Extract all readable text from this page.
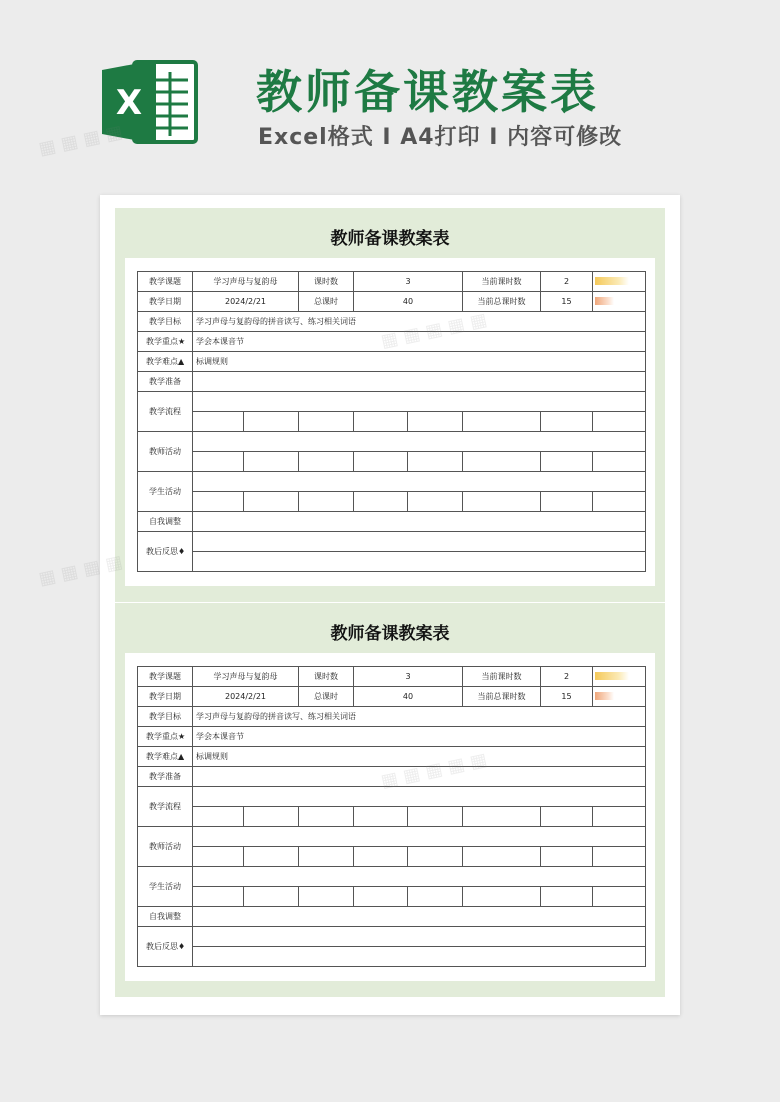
X 教师备课教案表
Excel格式 I A4打印 I 内容可修改
教师备课教案表
教学课题	学习声母与复韵母		课时数	3		当前课时数	2	

教学日期	2024/2/21		总课时	40		当前总课时数	15	

教学目标	学习声母与复韵母的拼音读写、练习相关词语							
教学重点★	学会本课音节							
教学难点▲	标调规则							
教学准备								
教学流程								

教师活动								

学生活动								

自我调整								
教后反思♦								

教师备课教案表
教学课题	学习声母与复韵母		课时数	3		当前课时数	2	

教学日期	2024/2/21		总课时	40		当前总课时数	15	

教学目标	学习声母与复韵母的拼音读写、练习相关词语							
教学重点★	学会本课音节							
教学难点▲	标调规则							
教学准备								
教学流程								

教师活动								

学生活动								

自我调整								
教后反思♦								

▦ ▦ ▦ ▦
▦ ▦ ▦ ▦
